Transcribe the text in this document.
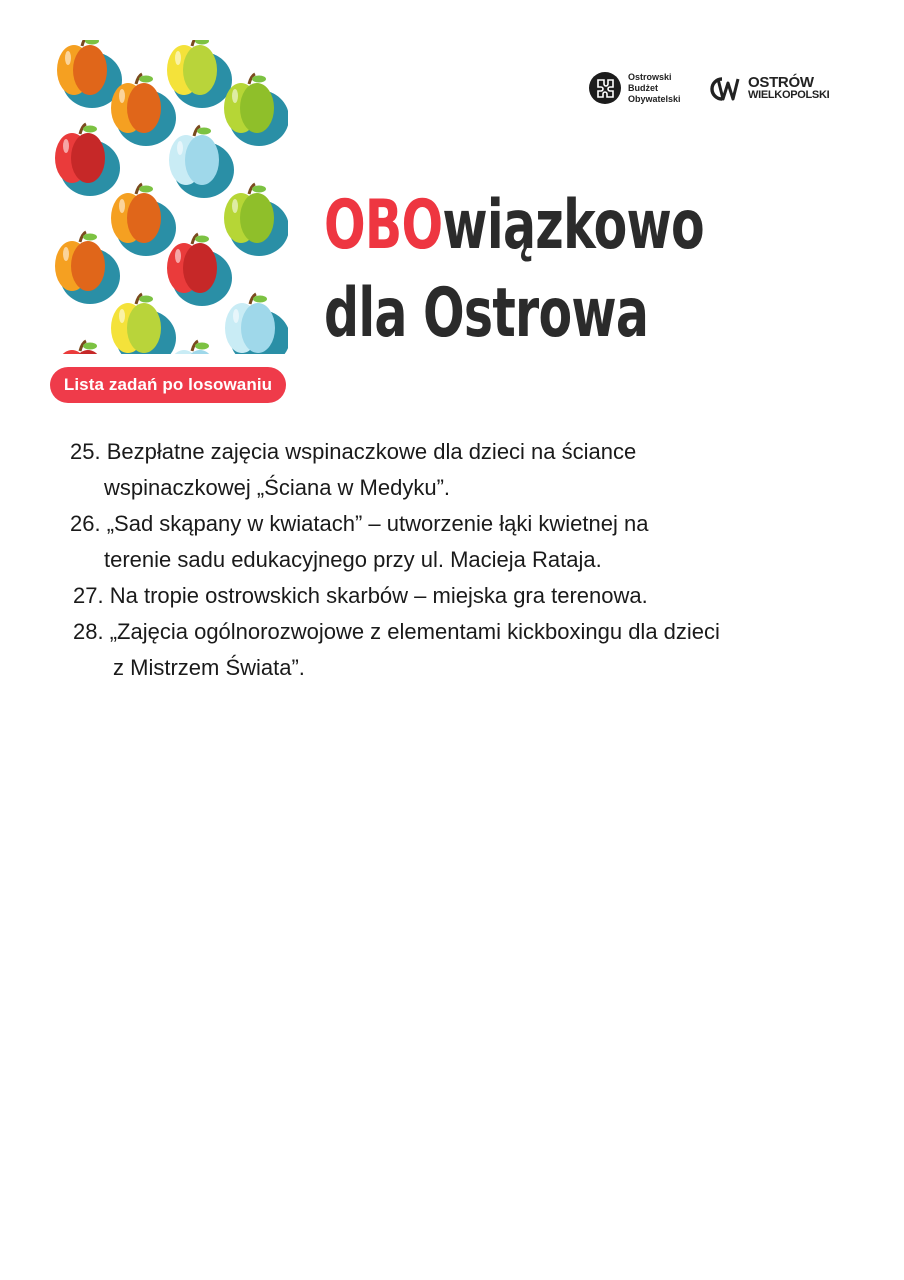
Lista zadań po losowaniu
Ostrowski
Budżet
Obywatelski
OSTRÓW
WIELKOPOLSKI
OBOwiązkowo
dla Ostrowa
25. Bezpłatne zajęcia wspinaczkowe dla dzieci na ściance
wspinaczkowej „Ściana w Medyku”.
26. „Sad skąpany w kwiatach” – utworzenie łąki kwietnej na
terenie sadu edukacyjnego przy ul. Macieja Rataja.
27. Na tropie ostrowskich skarbów – miejska gra terenowa.
28. „Zajęcia ogólnorozwojowe z elementami kickboxingu dla dzieci
z Mistrzem Świata”.
